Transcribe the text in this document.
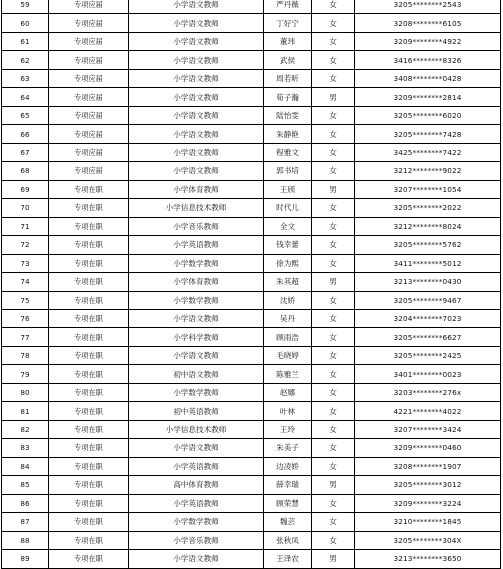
59	专项应届	小学语文教师	严丹薇	女	3205********2543
60	专项应届	小学语文教师	丁好宁	女	3208********6105
61	专项应届	小学语文教师	董玮	女	3209********4922
62	专项应届	小学语文教师	武侯	女	3416********8326
63	专项应届	小学语文教师	周若昕	女	3408********0428
64	专项应届	小学语文教师	荀子瀚	男	3209********2814
65	专项应届	小学语文教师	陆怡雯	女	3205********6020
66	专项应届	小学语文教师	朱静艳	女	3205********7428
67	专项应届	小学语文教师	程雅文	女	3425********7422
68	专项应届	小学语文教师	郭书培	女	3212********9022
69	专项在职	小学体育教师	王颀	男	3207********1054
70	专项在职	小学信息技术教师	时代儿	女	3205********2022
71	专项在职	小学音乐教师	全文	女	3212********8024
72	专项在职	小学英语教师	钱幸蕾	女	3205********5762
73	专项在职	小学数学教师	徐为熙	女	3411********5012
74	专项在职	小学体育教师	朱其超	男	3213********0430
75	专项在职	小学数学教师	沈娇	女	3205********9467
76	专项在职	小学语文教师	吴丹	女	3204********7023
77	专项在职	小学科学教师	顾雨浩	女	3205********6627
78	专项在职	小学语文教师	毛晓婷	女	3205********2425
79	专项在职	初中语文教师	陈雅兰	女	3401********0023
80	专项在职	小学数学教师	赵娜	女	3203********276x
81	专项在职	初中英语教师	叶林	女	4221********4022
82	专项在职	小学信息技术教师	王玲	女	3207********3424
83	专项在职	小学语文教师	朱美子	女	3209********0460
84	专项在职	小学英语教师	边凌娇	女	3208********1907
85	专项在职	高中体育教师	薛幸瑞	男	3205********3012
86	专项在职	小学英语教师	顾荣慧	女	3209********3224
87	专项在职	小学数学教师	魏芸	女	3210********1845
88	专项在职	小学音乐教师	张秋凤	女	3205********304X
89	专项在职	小学语文教师	王泽农	男	3213********3650
